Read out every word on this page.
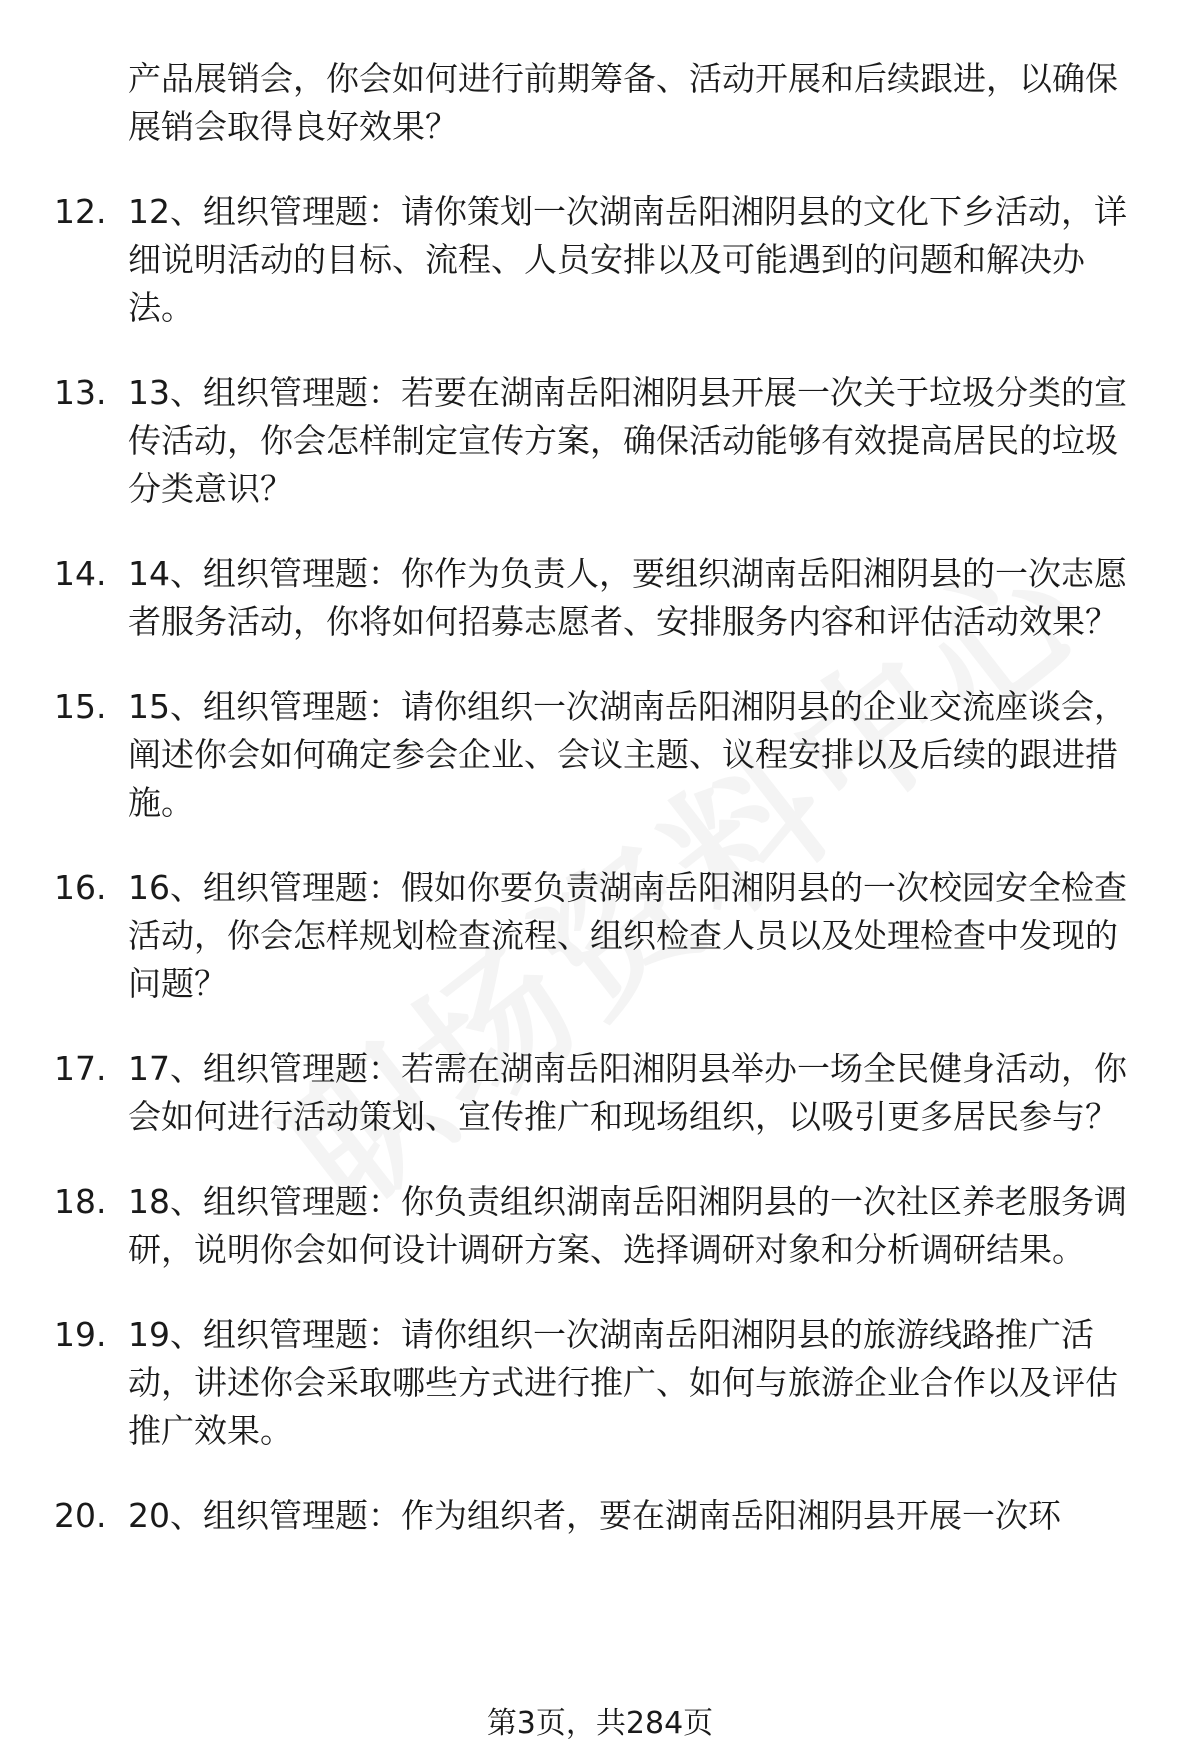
产品展销会，你会如何进行前期筹备、活动开展和后续跟进，以确保展销会取得良好效果？
12. 12、组织管理题：请你策划一次湖南岳阳湘阴县的文化下乡活动，详细说明活动的目标、流程、人员安排以及可能遇到的问题和解决办法。
13. 13、组织管理题：若要在湖南岳阳湘阴县开展一次关于垃圾分类的宣传活动，你会怎样制定宣传方案，确保活动能够有效提高居民的垃圾分类意识？
14. 14、组织管理题：你作为负责人，要组织湖南岳阳湘阴县的一次志愿者服务活动，你将如何招募志愿者、安排服务内容和评估活动效果？
15. 15、组织管理题：请你组织一次湖南岳阳湘阴县的企业交流座谈会，阐述你会如何确定参会企业、会议主题、议程安排以及后续的跟进措施。
16. 16、组织管理题：假如你要负责湖南岳阳湘阴县的一次校园安全检查活动，你会怎样规划检查流程、组织检查人员以及处理检查中发现的问题？
17. 17、组织管理题：若需在湖南岳阳湘阴县举办一场全民健身活动，你会如何进行活动策划、宣传推广和现场组织，以吸引更多居民参与？
18. 18、组织管理题：你负责组织湖南岳阳湘阴县的一次社区养老服务调研，说明你会如何设计调研方案、选择调研对象和分析调研结果。
19. 19、组织管理题：请你组织一次湖南岳阳湘阴县的旅游线路推广活动，讲述你会采取哪些方式进行推广、如何与旅游企业合作以及评估推广效果。
20. 20、组织管理题：作为组织者，要在湖南岳阳湘阴县开展一次环
第3页，共284页
